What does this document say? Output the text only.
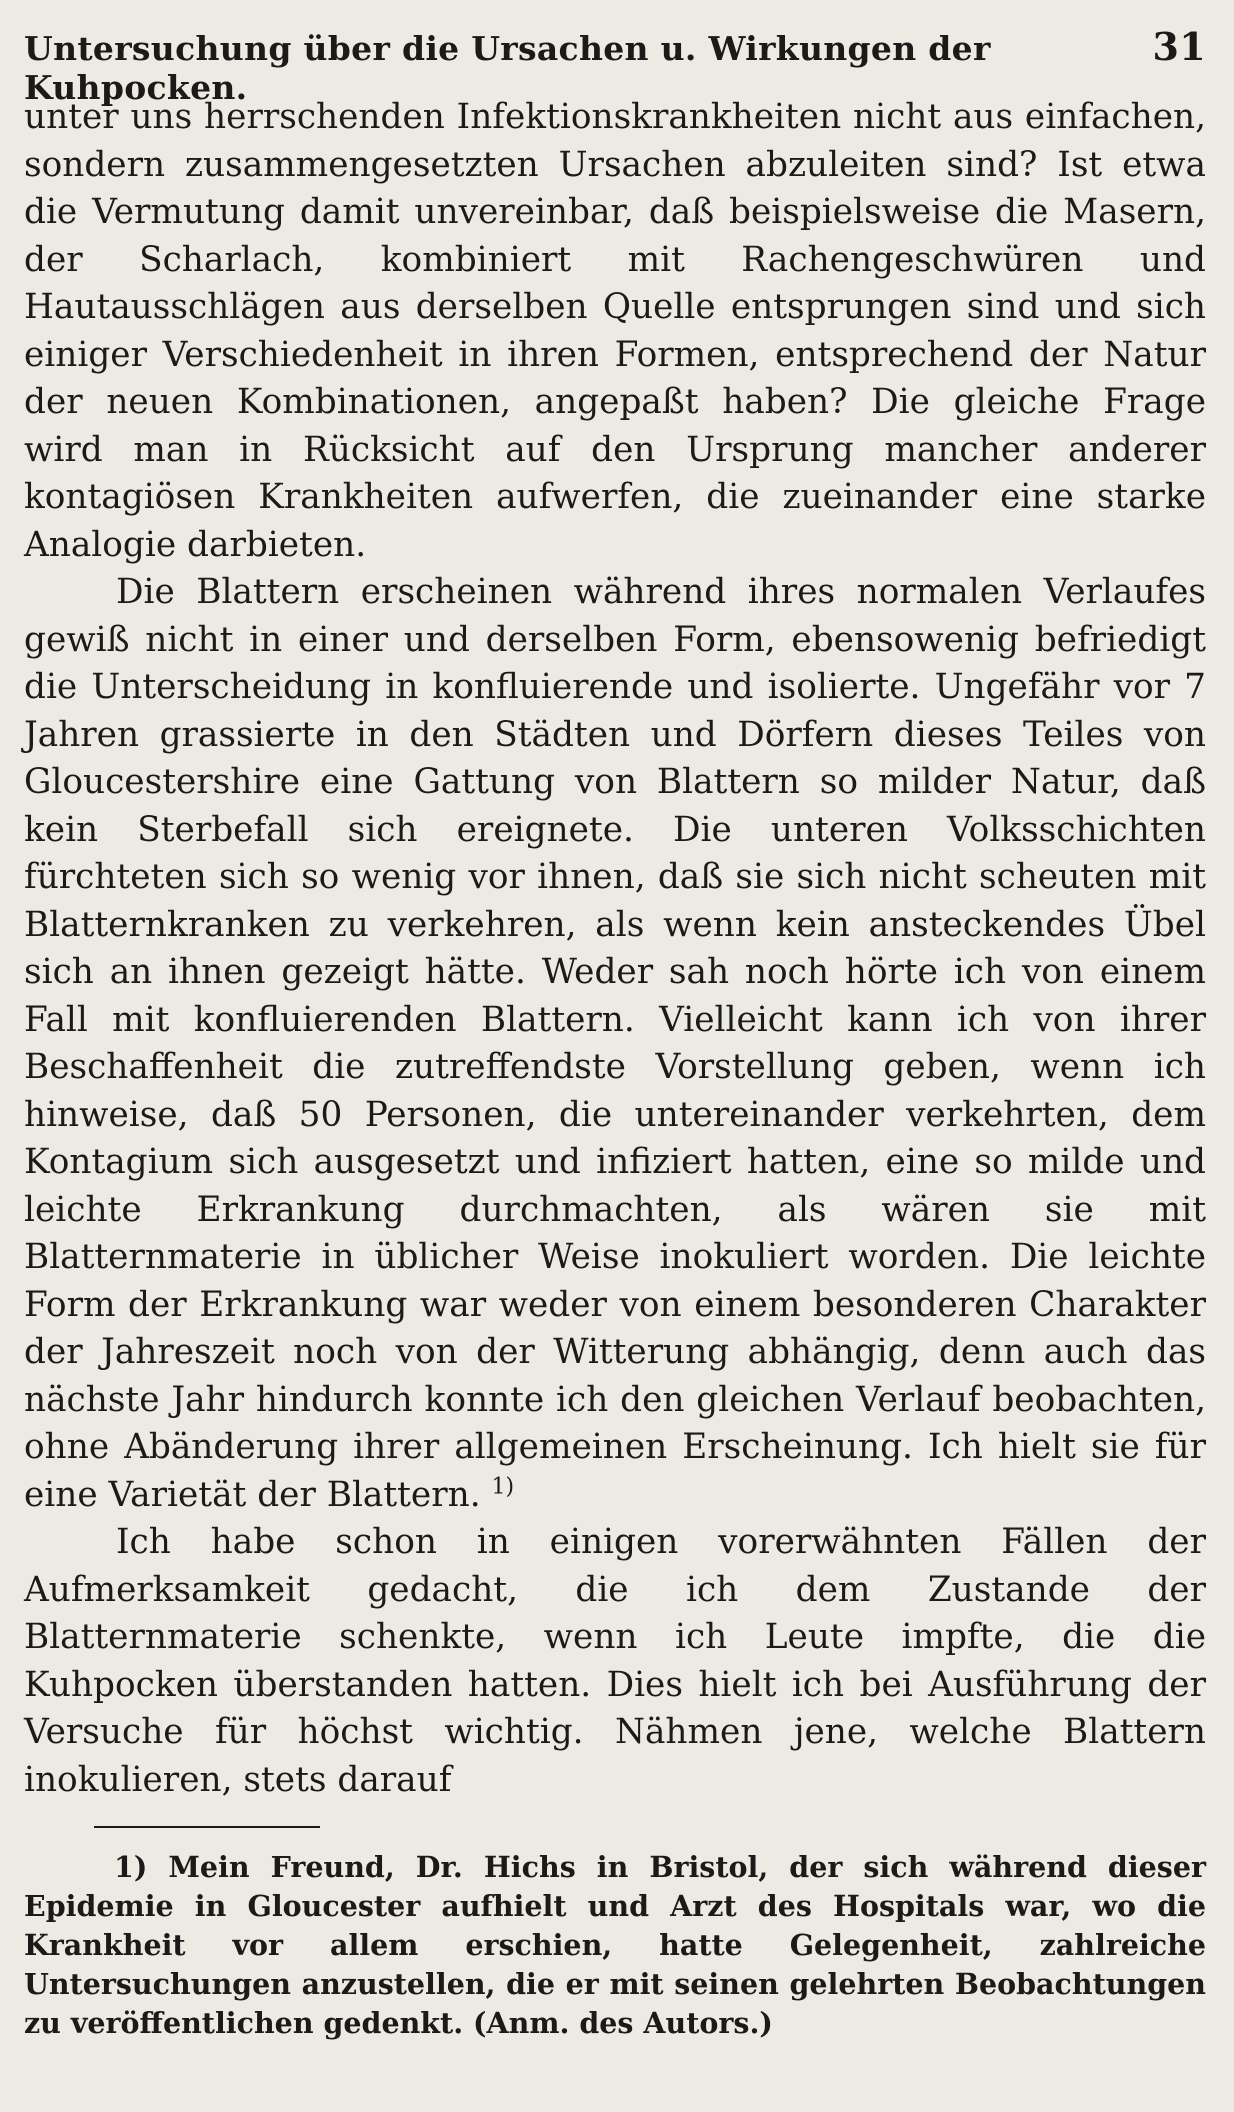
Untersuchung über die Ursachen u. Wirkungen der Kuhpocken.
31

unter uns herrschenden Infektionskrankheiten nicht aus einfachen, sondern zusammengesetzten Ursachen abzuleiten sind? Ist etwa die Vermutung damit unvereinbar, daß beispielsweise die Masern, der Scharlach, kombiniert mit Rachengeschwüren und Hautausschlägen aus derselben Quelle entsprungen sind und sich einiger Verschiedenheit in ihren Formen, entsprechend der Natur der neuen Kombinationen, angepaßt haben? Die gleiche Frage wird man in Rücksicht auf den Ursprung mancher anderer kontagiösen Krankheiten aufwerfen, die zueinander eine starke Analogie darbieten.

Die Blattern erscheinen während ihres normalen Verlaufes gewiß nicht in einer und derselben Form, ebensowenig befriedigt die Unterscheidung in konfluierende und isolierte. Ungefähr vor 7 Jahren grassierte in den Städten und Dörfern dieses Teiles von Gloucestershire eine Gattung von Blattern so milder Natur, daß kein Sterbefall sich ereignete. Die unteren Volksschichten fürchteten sich so wenig vor ihnen, daß sie sich nicht scheuten mit Blatternkranken zu verkehren, als wenn kein ansteckendes Übel sich an ihnen gezeigt hätte. Weder sah noch hörte ich von einem Fall mit konfluierenden Blattern. Vielleicht kann ich von ihrer Beschaffenheit die zutreffendste Vorstellung geben, wenn ich hinweise, daß 50 Personen, die untereinander verkehrten, dem Kontagium sich ausgesetzt und infiziert hatten, eine so milde und leichte Erkrankung durchmachten, als wären sie mit Blatternmaterie in üblicher Weise inokuliert worden. Die leichte Form der Erkrankung war weder von einem besonderen Charakter der Jahreszeit noch von der Witterung abhängig, denn auch das nächste Jahr hindurch konnte ich den gleichen Verlauf beobachten, ohne Abänderung ihrer allgemeinen Erscheinung. Ich hielt sie für eine Varietät der Blattern. $^{1)}$

Ich habe schon in einigen vorerwähnten Fällen der Aufmerksamkeit gedacht, die ich dem Zustande der Blatternmaterie schenkte, wenn ich Leute impfte, die die Kuhpocken überstanden hatten. Dies hielt ich bei Ausführung der Versuche für höchst wichtig. Nähmen jene, welche Blattern inokulieren, stets darauf

1) Mein Freund, Dr. Hichs in Bristol, der sich während dieser Epidemie in Gloucester aufhielt und Arzt des Hospitals war, wo die Krankheit vor allem erschien, hatte Gelegenheit, zahlreiche Untersuchungen anzustellen, die er mit seinen gelehrten Beobachtungen zu veröffentlichen gedenkt. (Anm. des Autors.)
